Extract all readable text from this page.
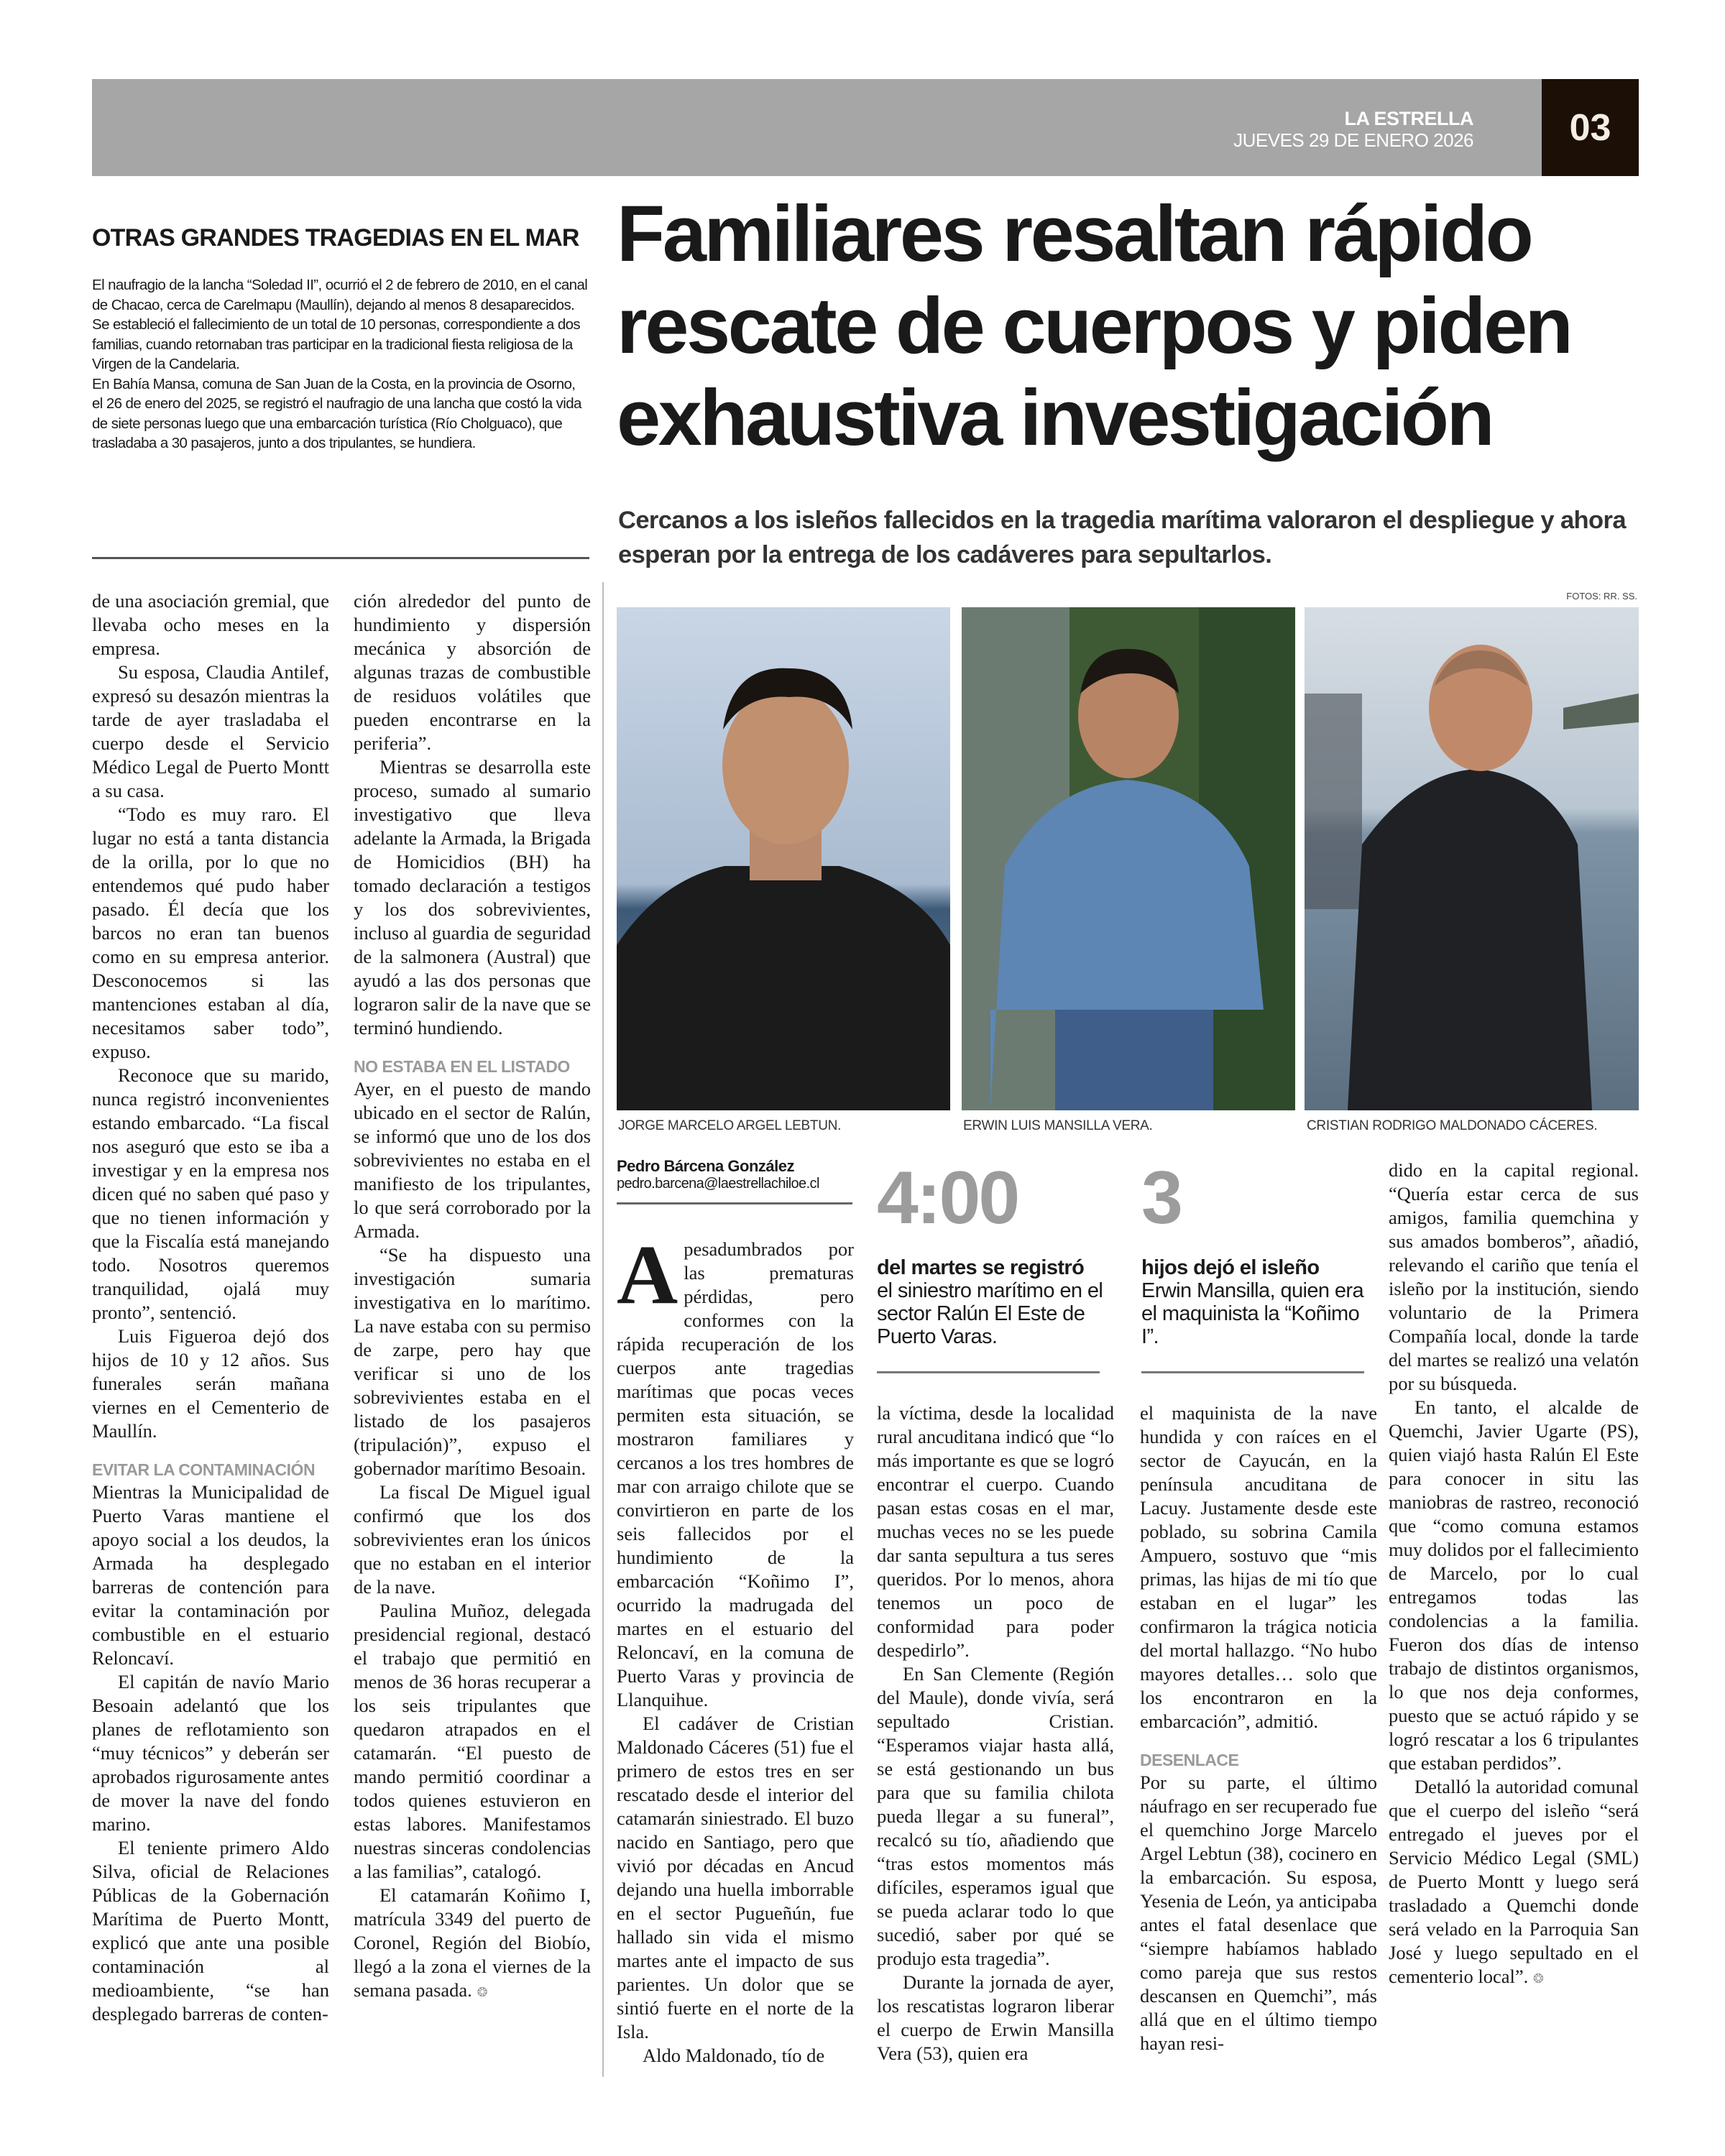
LA ESTRELLA
JUEVES 29 DE ENERO 2026	03
OTRAS GRANDES TRAGEDIAS EN EL MAR

El naufragio de la lancha “Soledad II”, ocurrió el 2 de febrero de 2010, en el canal de Chacao, cerca de Carelmapu (Maullín), dejando al menos 8 desaparecidos. Se estableció el fallecimiento de un total de 10 personas, correspondiente a dos familias, cuando retornaban tras participar en la tradicional fiesta religiosa de la Virgen de la Candelaria.

En Bahía Mansa, comuna de San Juan de la Costa, en la provincia de Osorno, el 26 de enero del 2025, se registró el naufragio de una lancha que costó la vida de siete personas luego que una embarcación turística (Río Cholguaco), que trasladaba a 30 pasajeros, junto a dos tripulantes, se hundiera.

Familiares resaltan rápido
rescate de cuerpos y piden
exhaustiva investigación

Cercanos a los isleños fallecidos en la tragedia marítima valoraron el despliegue y ahora esperan por la entrega de los cadáveres para sepultarlos.

FOTOS: RR. SS.
JORGE MARCELO ARGEL LEBTUN.	ERWIN LUIS MANSILLA VERA.	CRISTIAN RODRIGO MALDONADO CÁCERES.

de una asociación gremial, que llevaba ocho meses en la empresa.

Su esposa, Claudia Antilef, expresó su desazón mientras la tarde de ayer trasladaba el cuerpo desde el Servicio Médico Legal de Puerto Montt a su casa.

“Todo es muy raro. El lugar no está a tanta distancia de la orilla, por lo que no entendemos qué pudo haber pasado. Él decía que los barcos no eran tan buenos como en su empresa anterior. Desconocemos si las mantenciones estaban al día, necesitamos saber todo”, expuso.

Reconoce que su marido, nunca registró inconvenientes estando embarcado. “La fiscal nos aseguró que esto se iba a investigar y en la empresa nos dicen qué no saben qué paso y que no tienen información y que la Fiscalía está manejando todo. Nosotros queremos tranquilidad, ojalá muy pronto”, sentenció.

Luis Figueroa dejó dos hijos de 10 y 12 años. Sus funerales serán mañana viernes en el Cementerio de Maullín.

EVITAR LA CONTAMINACIÓN

Mientras la Municipalidad de Puerto Varas mantiene el apoyo social a los deudos, la Armada ha desplegado barreras de contención para evitar la contaminación por combustible en el estuario Reloncaví.

El capitán de navío Mario Besoain adelantó que los planes de reflotamiento son “muy técnicos” y deberán ser aprobados rigurosamente antes de mover la nave del fondo marino.

El teniente primero Aldo Silva, oficial de Relaciones Públicas de la Gobernación Marítima de Puerto Montt, explicó que ante una posible contaminación al medioambiente, “se han desplegado barreras de conten-

ción alrededor del punto de hundimiento y dispersión mecánica y absorción de algunas trazas de combustible de residuos volátiles que pueden encontrarse en la periferia”.

Mientras se desarrolla este proceso, sumado al sumario investigativo que lleva adelante la Armada, la Brigada de Homicidios (BH) ha tomado declaración a testigos y los dos sobrevivientes, incluso al guardia de seguridad de la salmonera (Austral) que ayudó a las dos personas que lograron salir de la nave que se terminó hundiendo.

NO ESTABA EN EL LISTADO

Ayer, en el puesto de mando ubicado en el sector de Ralún, se informó que uno de los dos sobrevivientes no estaba en el manifiesto de los tripulantes, lo que será corroborado por la Armada.

“Se ha dispuesto una investigación sumaria investigativa en lo marítimo. La nave estaba con su permiso de zarpe, pero hay que verificar si uno de los sobrevivientes estaba en el listado de los pasajeros (tripulación)”, expuso el gobernador marítimo Besoain.

La fiscal De Miguel igual confirmó que los dos sobrevivientes eran los únicos que no estaban en el interior de la nave.

Paulina Muñoz, delegada presidencial regional, destacó el trabajo que permitió en menos de 36 horas recuperar a los seis tripulantes que quedaron atrapados en el catamarán. “El puesto de mando permitió coordinar a todos quienes estuvieron en estas labores. Manifestamos nuestras sinceras condolencias a las familias”, catalogó.

El catamarán Koñimo I, matrícula 3349 del puerto de Coronel, Región del Biobío, llegó a la zona el viernes de la semana pasada. ❂

Pedro Bárcena González
pedro.barcena@laestrellachiloe.cl 4:00
del martes se registró
el siniestro marítimo en el sector Ralún El Este de Puerto Varas.
3
hijos dejó el isleño
Erwin Mansilla, quien era el maquinista la “Koñimo I”.

Apesadumbrados por las prematuras pérdidas, pero conformes con la rápida recuperación de los cuerpos ante tragedias marítimas que pocas veces permiten esta situación, se mostraron familiares y cercanos a los tres hombres de mar con arraigo chilote que se convirtieron en parte de los seis fallecidos por el hundimiento de la embarcación “Koñimo I”, ocurrido la madrugada del martes en el estuario del Reloncaví, en la comuna de Puerto Varas y provincia de Llanquihue.

El cadáver de Cristian Maldonado Cáceres (51) fue el primero de estos tres en ser rescatado desde el interior del catamarán siniestrado. El buzo nacido en Santiago, pero que vivió por décadas en Ancud dejando una huella imborrable en el sector Pugueñún, fue hallado sin vida el mismo martes ante el impacto de sus parientes. Un dolor que se sintió fuerte en el norte de la Isla.

Aldo Maldonado, tío de

la víctima, desde la localidad rural ancuditana indicó que “lo más importante es que se logró encontrar el cuerpo. Cuando pasan estas cosas en el mar, muchas veces no se les puede dar santa sepultura a tus seres queridos. Por lo menos, ahora tenemos un poco de conformidad para poder despedirlo”.

En San Clemente (Región del Maule), donde vivía, será sepultado Cristian. “Esperamos viajar hasta allá, se está gestionando un bus para que su familia chilota pueda llegar a su funeral”, recalcó su tío, añadiendo que “tras estos momentos más difíciles, esperamos igual que se pueda aclarar todo lo que sucedió, saber por qué se produjo esta tragedia”.

Durante la jornada de ayer, los rescatistas lograron liberar el cuerpo de Erwin Mansilla Vera (53), quien era

el maquinista de la nave hundida y con raíces en el sector de Cayucán, en la península ancuditana de Lacuy. Justamente desde este poblado, su sobrina Camila Ampuero, sostuvo que “mis primas, las hijas de mi tío que estaban en el lugar” les confirmaron la trágica noticia del mortal hallazgo. “No hubo mayores detalles… solo que los encontraron en la embarcación”, admitió.

DESENLACE

Por su parte, el último náufrago en ser recuperado fue el quemchino Jorge Marcelo Argel Lebtun (38), cocinero en la embarcación. Su esposa, Yesenia de León, ya anticipaba antes el fatal desenlace que “siempre habíamos hablado como pareja que sus restos descansen en Quemchi”, más allá que en el último tiempo hayan resi-

dido en la capital regional. “Quería estar cerca de sus amigos, familia quemchina y sus amados bomberos”, añadió, relevando el cariño que tenía el isleño por la institución, siendo voluntario de la Primera Compañía local, donde la tarde del martes se realizó una velatón por su búsqueda.

En tanto, el alcalde de Quemchi, Javier Ugarte (PS), quien viajó hasta Ralún El Este para conocer in situ las maniobras de rastreo, reconoció que “como comuna estamos muy dolidos por el fallecimiento de Marcelo, por lo cual entregamos todas las condolencias a la familia. Fueron dos días de intenso trabajo de distintos organismos, lo que nos deja conformes, puesto que se actuó rápido y se logró rescatar a los 6 tripulantes que estaban perdidos”.

Detalló la autoridad comunal que el cuerpo del isleño “será entregado el jueves por el Servicio Médico Legal (SML) de Puerto Montt y luego será trasladado a Quemchi donde será velado en la Parroquia San José y luego sepultado en el cementerio local”. ❂
